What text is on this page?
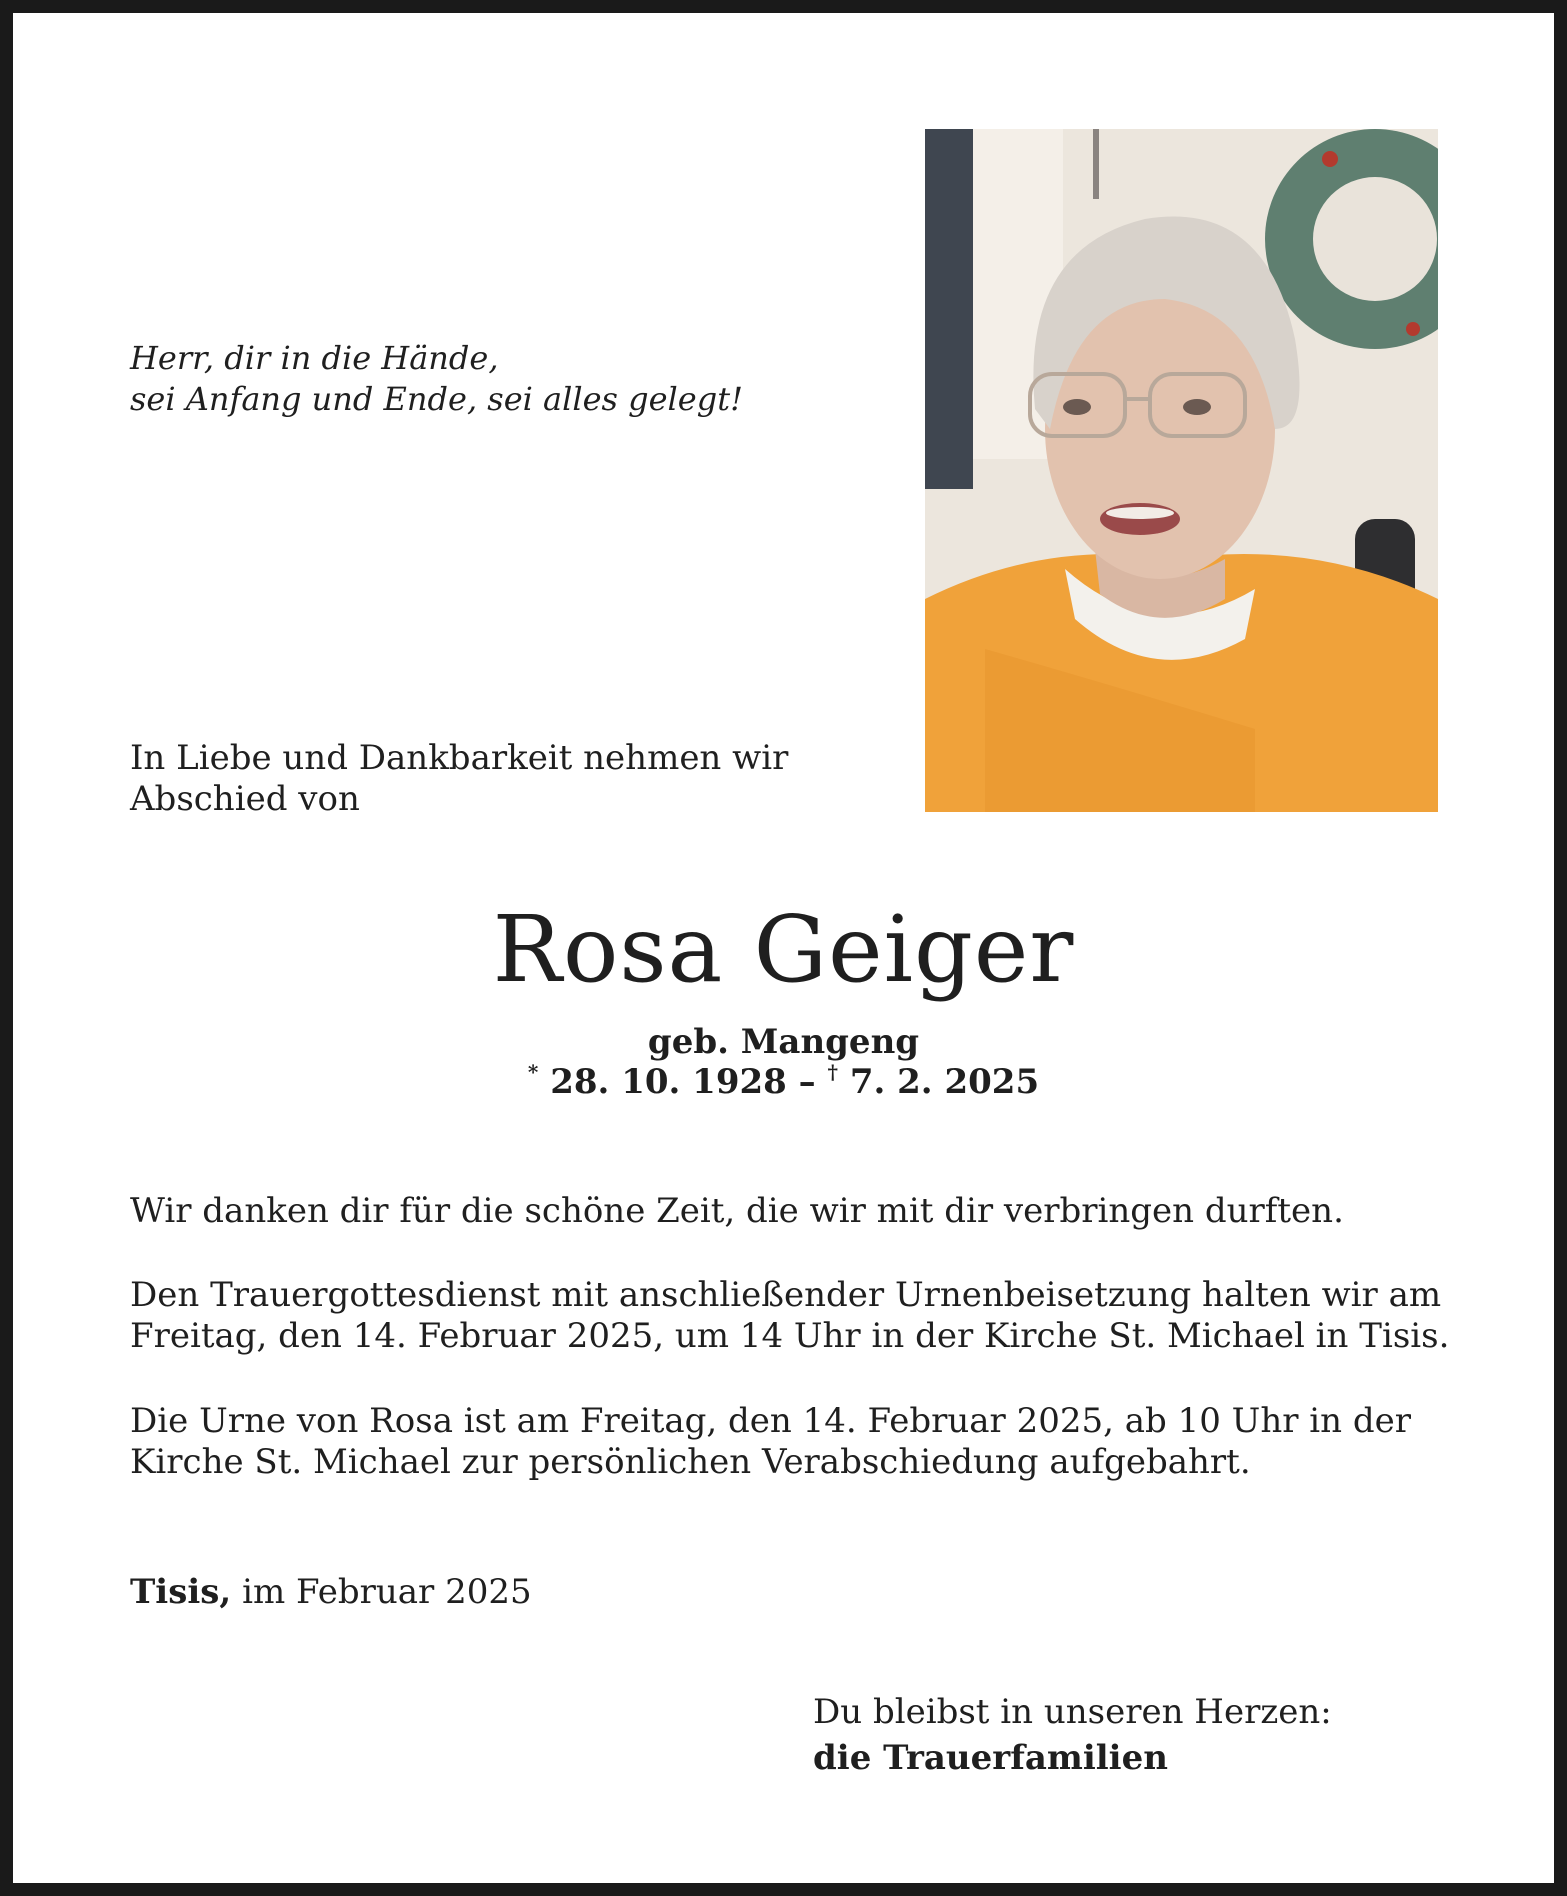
Herr, dir in die Hände,
sei Anfang und Ende, sei alles gelegt!

In Liebe und Dankbarkeit nehmen wir
Abschied von

Rosa Geiger
geb. Mangeng
* 28. 10. 1928 – † 7. 2. 2025

Wir danken dir für die schöne Zeit, die wir mit dir verbringen durften.

Den Trauergottesdienst mit anschließender Urnenbeisetzung halten wir am
Freitag, den 14. Februar 2025, um 14 Uhr in der Kirche St. Michael in Tisis.

Die Urne von Rosa ist am Freitag, den 14. Februar 2025, ab 10 Uhr in der
Kirche St. Michael zur persönlichen Verabschiedung aufgebahrt.

Tisis, im Februar 2025
Du bleibst in unseren Herzen:
die Trauerfamilien
